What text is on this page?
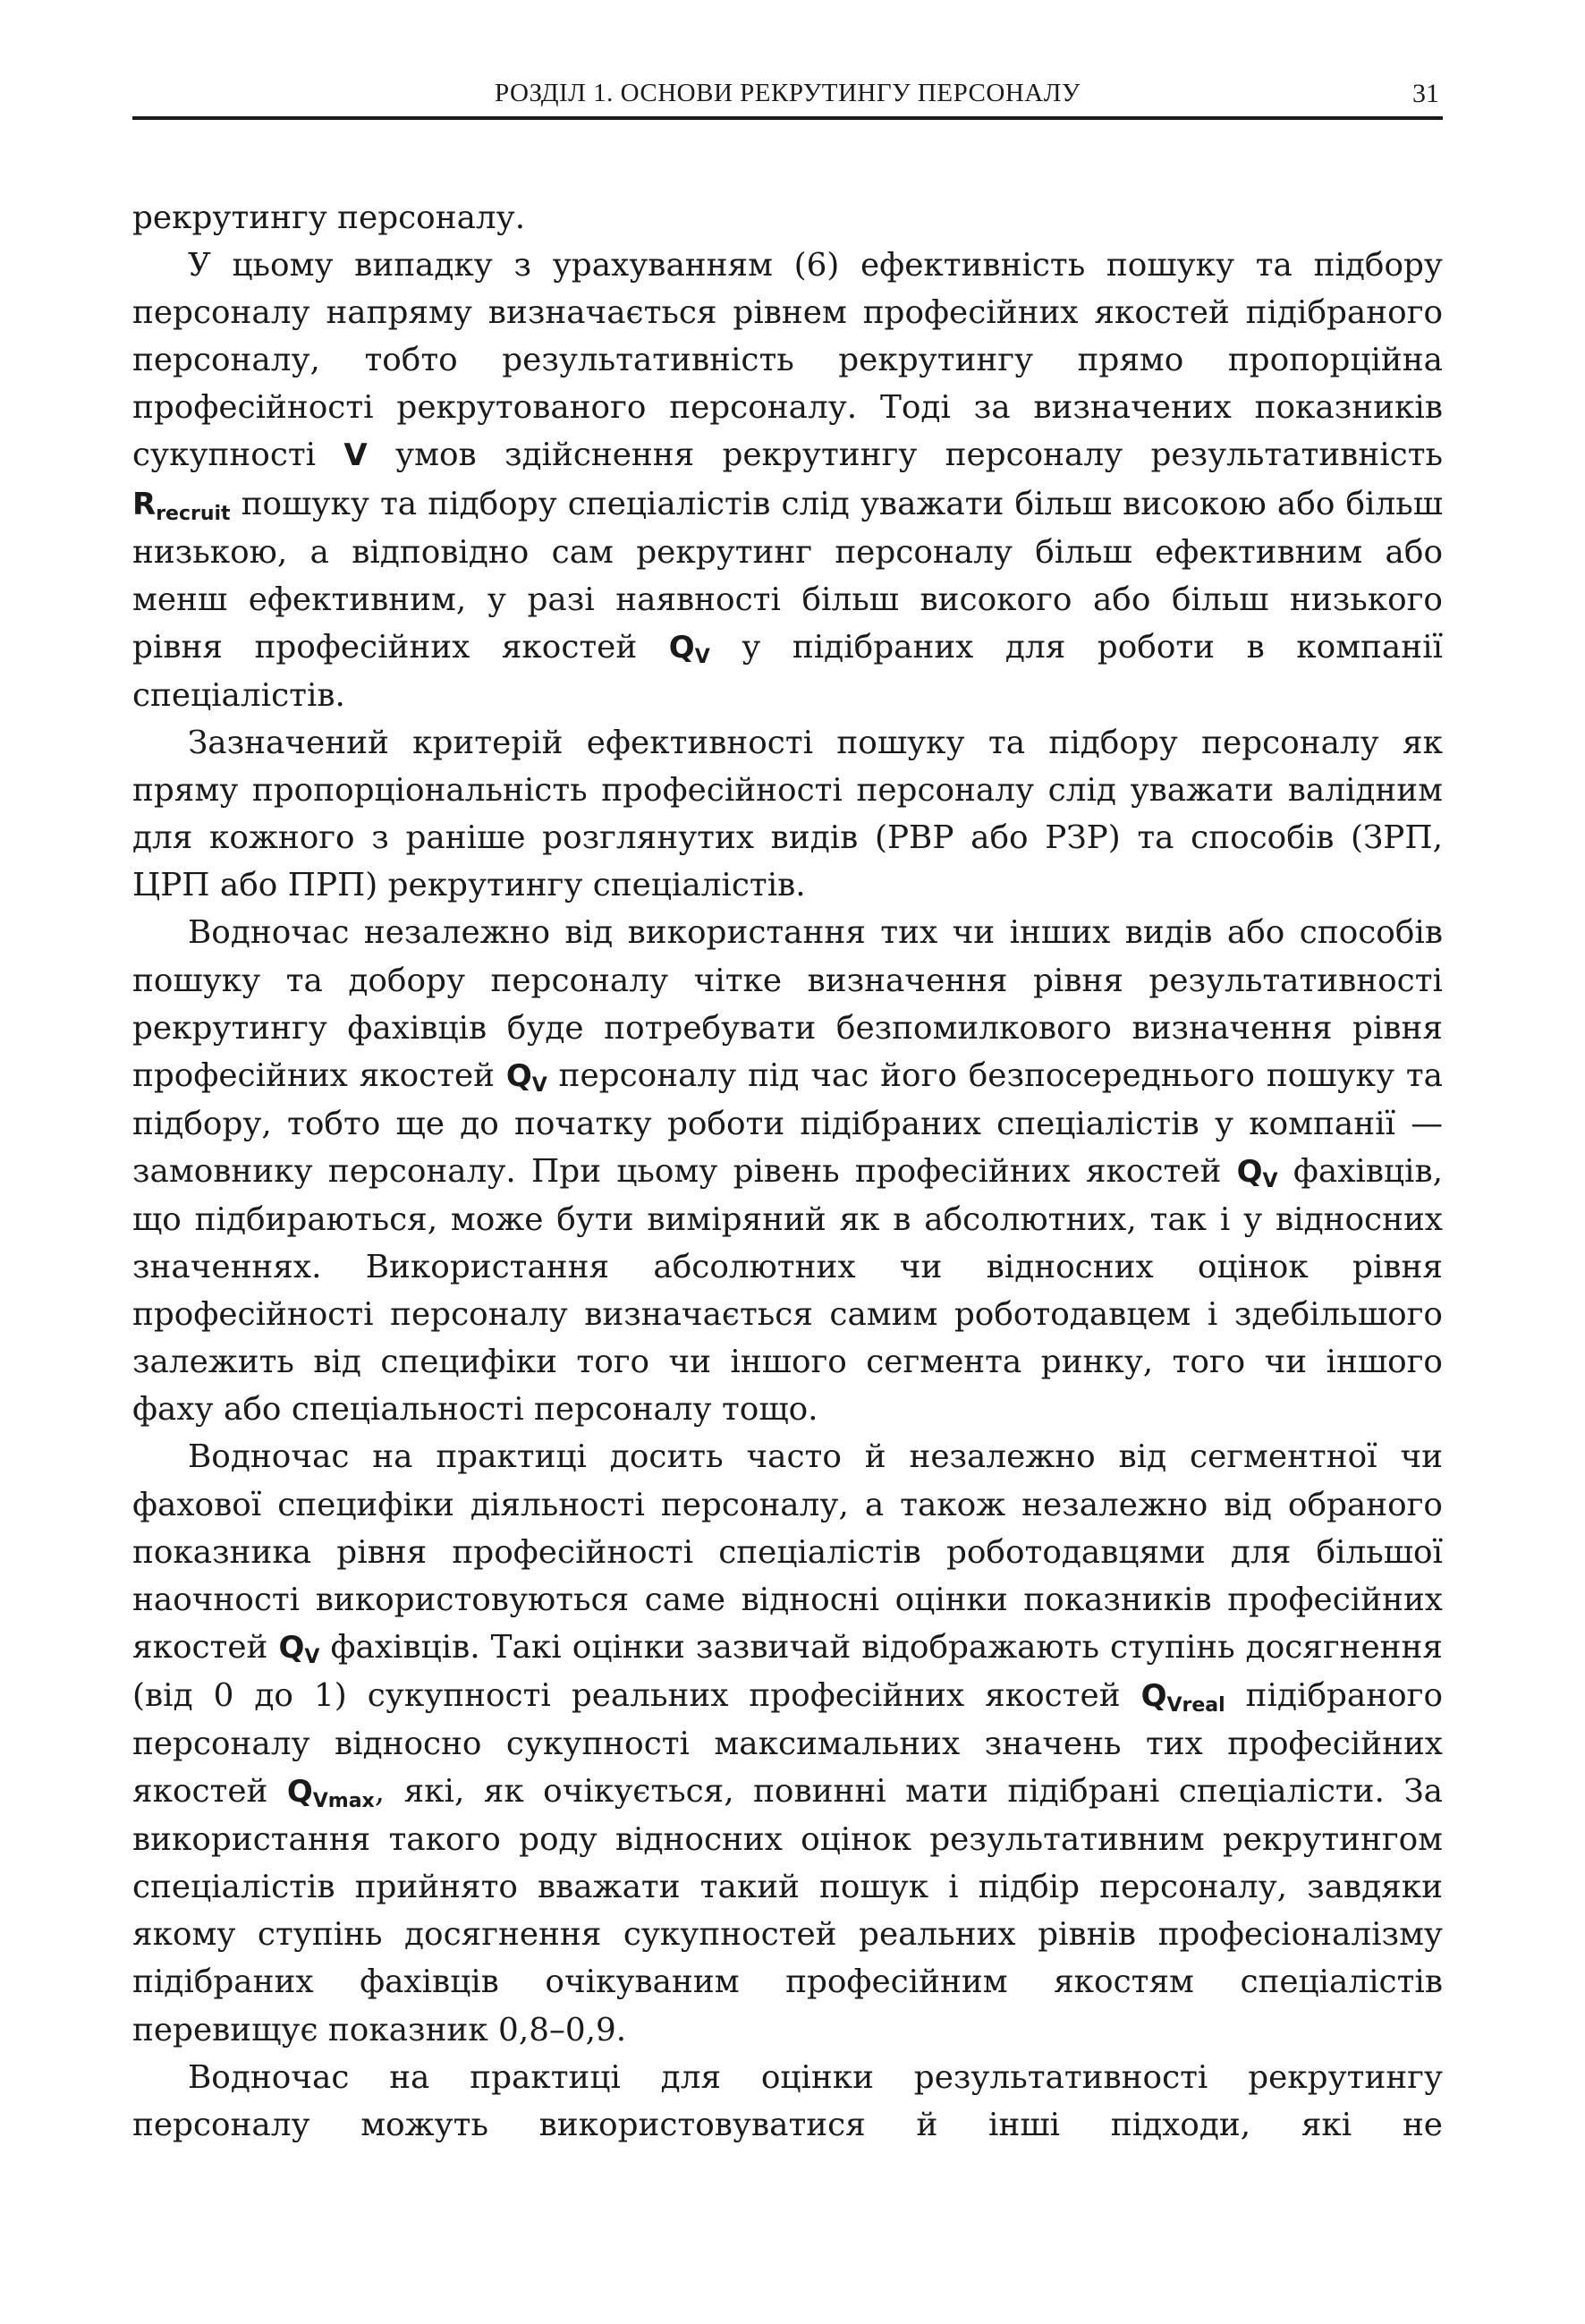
РОЗДІЛ 1. ОСНОВИ РЕКРУТИНГУ ПЕРСОНАЛУ	31

рекрутингу персоналу.

У цьому випадку з урахуванням (6) ефективність пошуку та підбору персоналу напряму визначається рівнем професійних якостей підібраного персоналу, тобто результативність рекрутингу прямо пропорційна професійності рекрутованого персоналу. Тоді за визначених показників сукупності V умов здійснення рекрутингу персоналу результативність $R_{recruit}$ пошуку та підбору спеціалістів слід уважати більш високою або більш низькою, а відповідно сам рекрутинг персоналу більш ефективним або менш ефективним, у разі наявності більш високого або більш низького рівня професійних якостей $Q_V$ у підібраних для роботи в компанії спеціалістів.

Зазначений критерій ефективності пошуку та підбору персоналу як пряму пропорціональність професійності персоналу слід уважати валідним для кожного з раніше розглянутих видів (РВР або РЗР) та способів (ЗРП, ЦРП або ПРП) рекрутингу спеціалістів.

Водночас незалежно від використання тих чи інших видів або способів пошуку та добору персоналу чітке визначення рівня результативності рекрутингу фахівців буде потребувати безпомилкового визначення рівня професійних якостей $Q_V$ персоналу під час його безпосереднього пошуку та підбору, тобто ще до початку роботи підібраних спеціалістів у компанії — замовнику персоналу. При цьому рівень професійних якостей $Q_V$ фахівців, що підбираються, може бути виміряний як в абсолютних, так і у відносних значеннях. Використання абсолютних чи відносних оцінок рівня професійності персоналу визначається самим роботодавцем і здебільшого залежить від специфіки того чи іншого сегмента ринку, того чи іншого фаху або спеціальності персоналу тощо.

Водночас на практиці досить часто й незалежно від сегментної чи фахової специфіки діяльності персоналу, а також незалежно від обраного показника рівня професійності спеціалістів роботодавцями для більшої наочності використовуються саме відносні оцінки показників професійних якостей $Q_V$ фахівців. Такі оцінки зазвичай відображають ступінь досягнення (від 0 до 1) сукупності реальних професійних якостей $Q_{Vreal}$ підібраного персоналу відносно сукупності максимальних значень тих професійних якостей $Q_{Vmax}$, які, як очікується, повинні мати підібрані спеціалісти. За використання такого роду відносних оцінок результативним рекрутингом спеціалістів прийнято вважати такий пошук і підбір персоналу, завдяки якому ступінь досягнення сукупностей реальних рівнів професіоналізму підібраних фахівців очікуваним професійним якостям спеціалістів перевищує показник 0,8–0,9.

Водночас на практиці для оцінки результативності рекрутингу персоналу можуть використовуватися й інші підходи, які не
